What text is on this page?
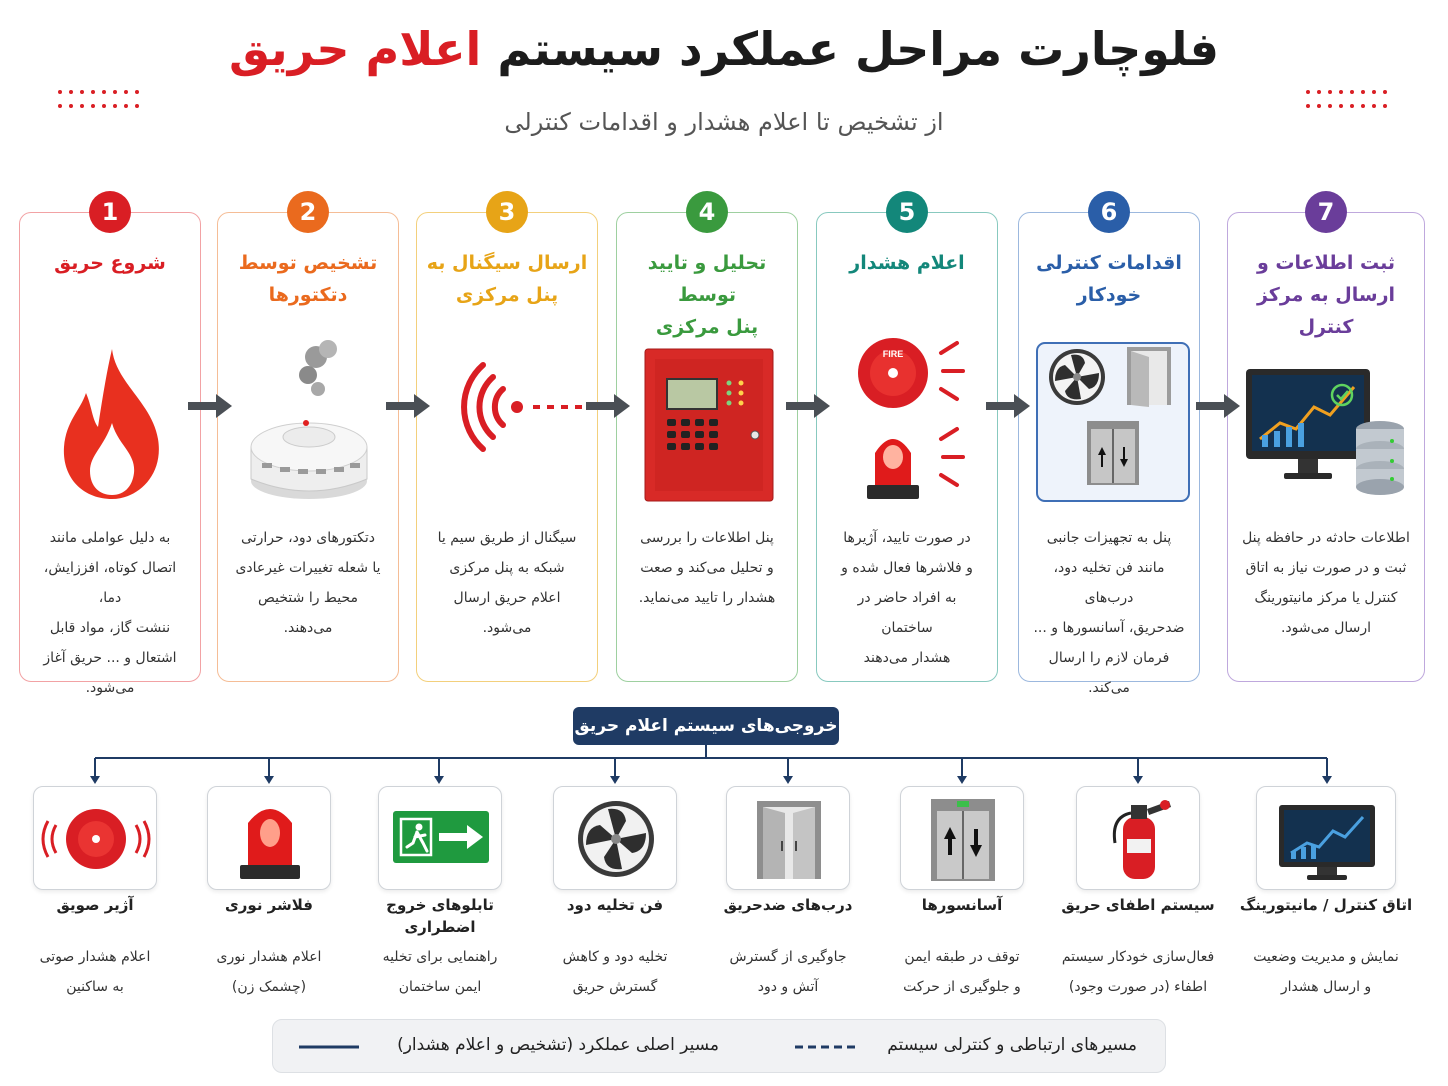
فلوچارت مراحل عملکرد سیستم اعلام حریق
از تشخیص تا اعلام هشدار و اقدامات کنترلی
1
شروع حریق
به دلیل عواملی مانند
اتصال کوتاه، افززایش، دما،
ننشت گاز، مواد قابل
اشتعال و ... حریق آغاز
می‌شود.
2
تشخیص توسط
دتکتورها
دتکتورهای دود، حرارتی
یا شعله تغییرات غیرعادی
محیط را شتخیص
می‌دهند.
3
ارسال سیگنال به
پنل مرکزی
سیگنال از طریق سیم یا
شبکه به پنل مرکزی
اعلام حریق ارسال
می‌شود.
4
تحلیل و تایید توسط
پنل مرکزی
پنل اطلاعات را بررسی
و تحلیل می‌کند و صعت
هشدار را تایید می‌نماید.
5
اعلام هشدار
FIRE
در صورت تایید، آژیرها
و فلاشرها فعال شده و
به افراد حاضر در ساختمان
هشدار می‌دهند
6
اقدامات کنترلی
خودکار
پنل به تجهیزات جانبی
مانند فن تخلیه دود، درب‌های
ضدحریق، آسانسورها و ...
فرمان لازم را ارسال می‌کند.
7
ثبت اطلاعات و
ارسال به مرکز کنترل
اطلاعات حادثه در حافظه پنل
ثبت و در صورت نیاز به اتاق
کنترل یا مرکز مانیتورینگ
ارسال می‌شود.
خروجی‌های سیستم اعلام حریق
آژیر صویق
اعلام هشدار صوتی
به ساکنین
فلاشر نوری
اعلام هشدار نوری
(چشمک زن)
تابلوهای خروج
اضطراری
راهنمایی برای تخلیه
ایمن ساختمان
فن تخلیه دود
تخلیه دود و کاهش
گسترش حریق
درب‌های ضدحریق
جاوگیری از گسترش
آتش و دود
آسانسورها
توقف در طبقه ایمن
و جلوگیری از حرکت
سیستم اطفای حریق
فعال‌سازی خودکار سیستم
اطفاء (در صورت وجود)
اتاق کنترل / مانیتورینگ
نمایش و مدیریت وضعیت
و ارسال هشدار
مسیرهای ارتباطی و کنترلی سیستم
مسیر اصلی عملکرد (تشخیص و اعلام هشدار)
